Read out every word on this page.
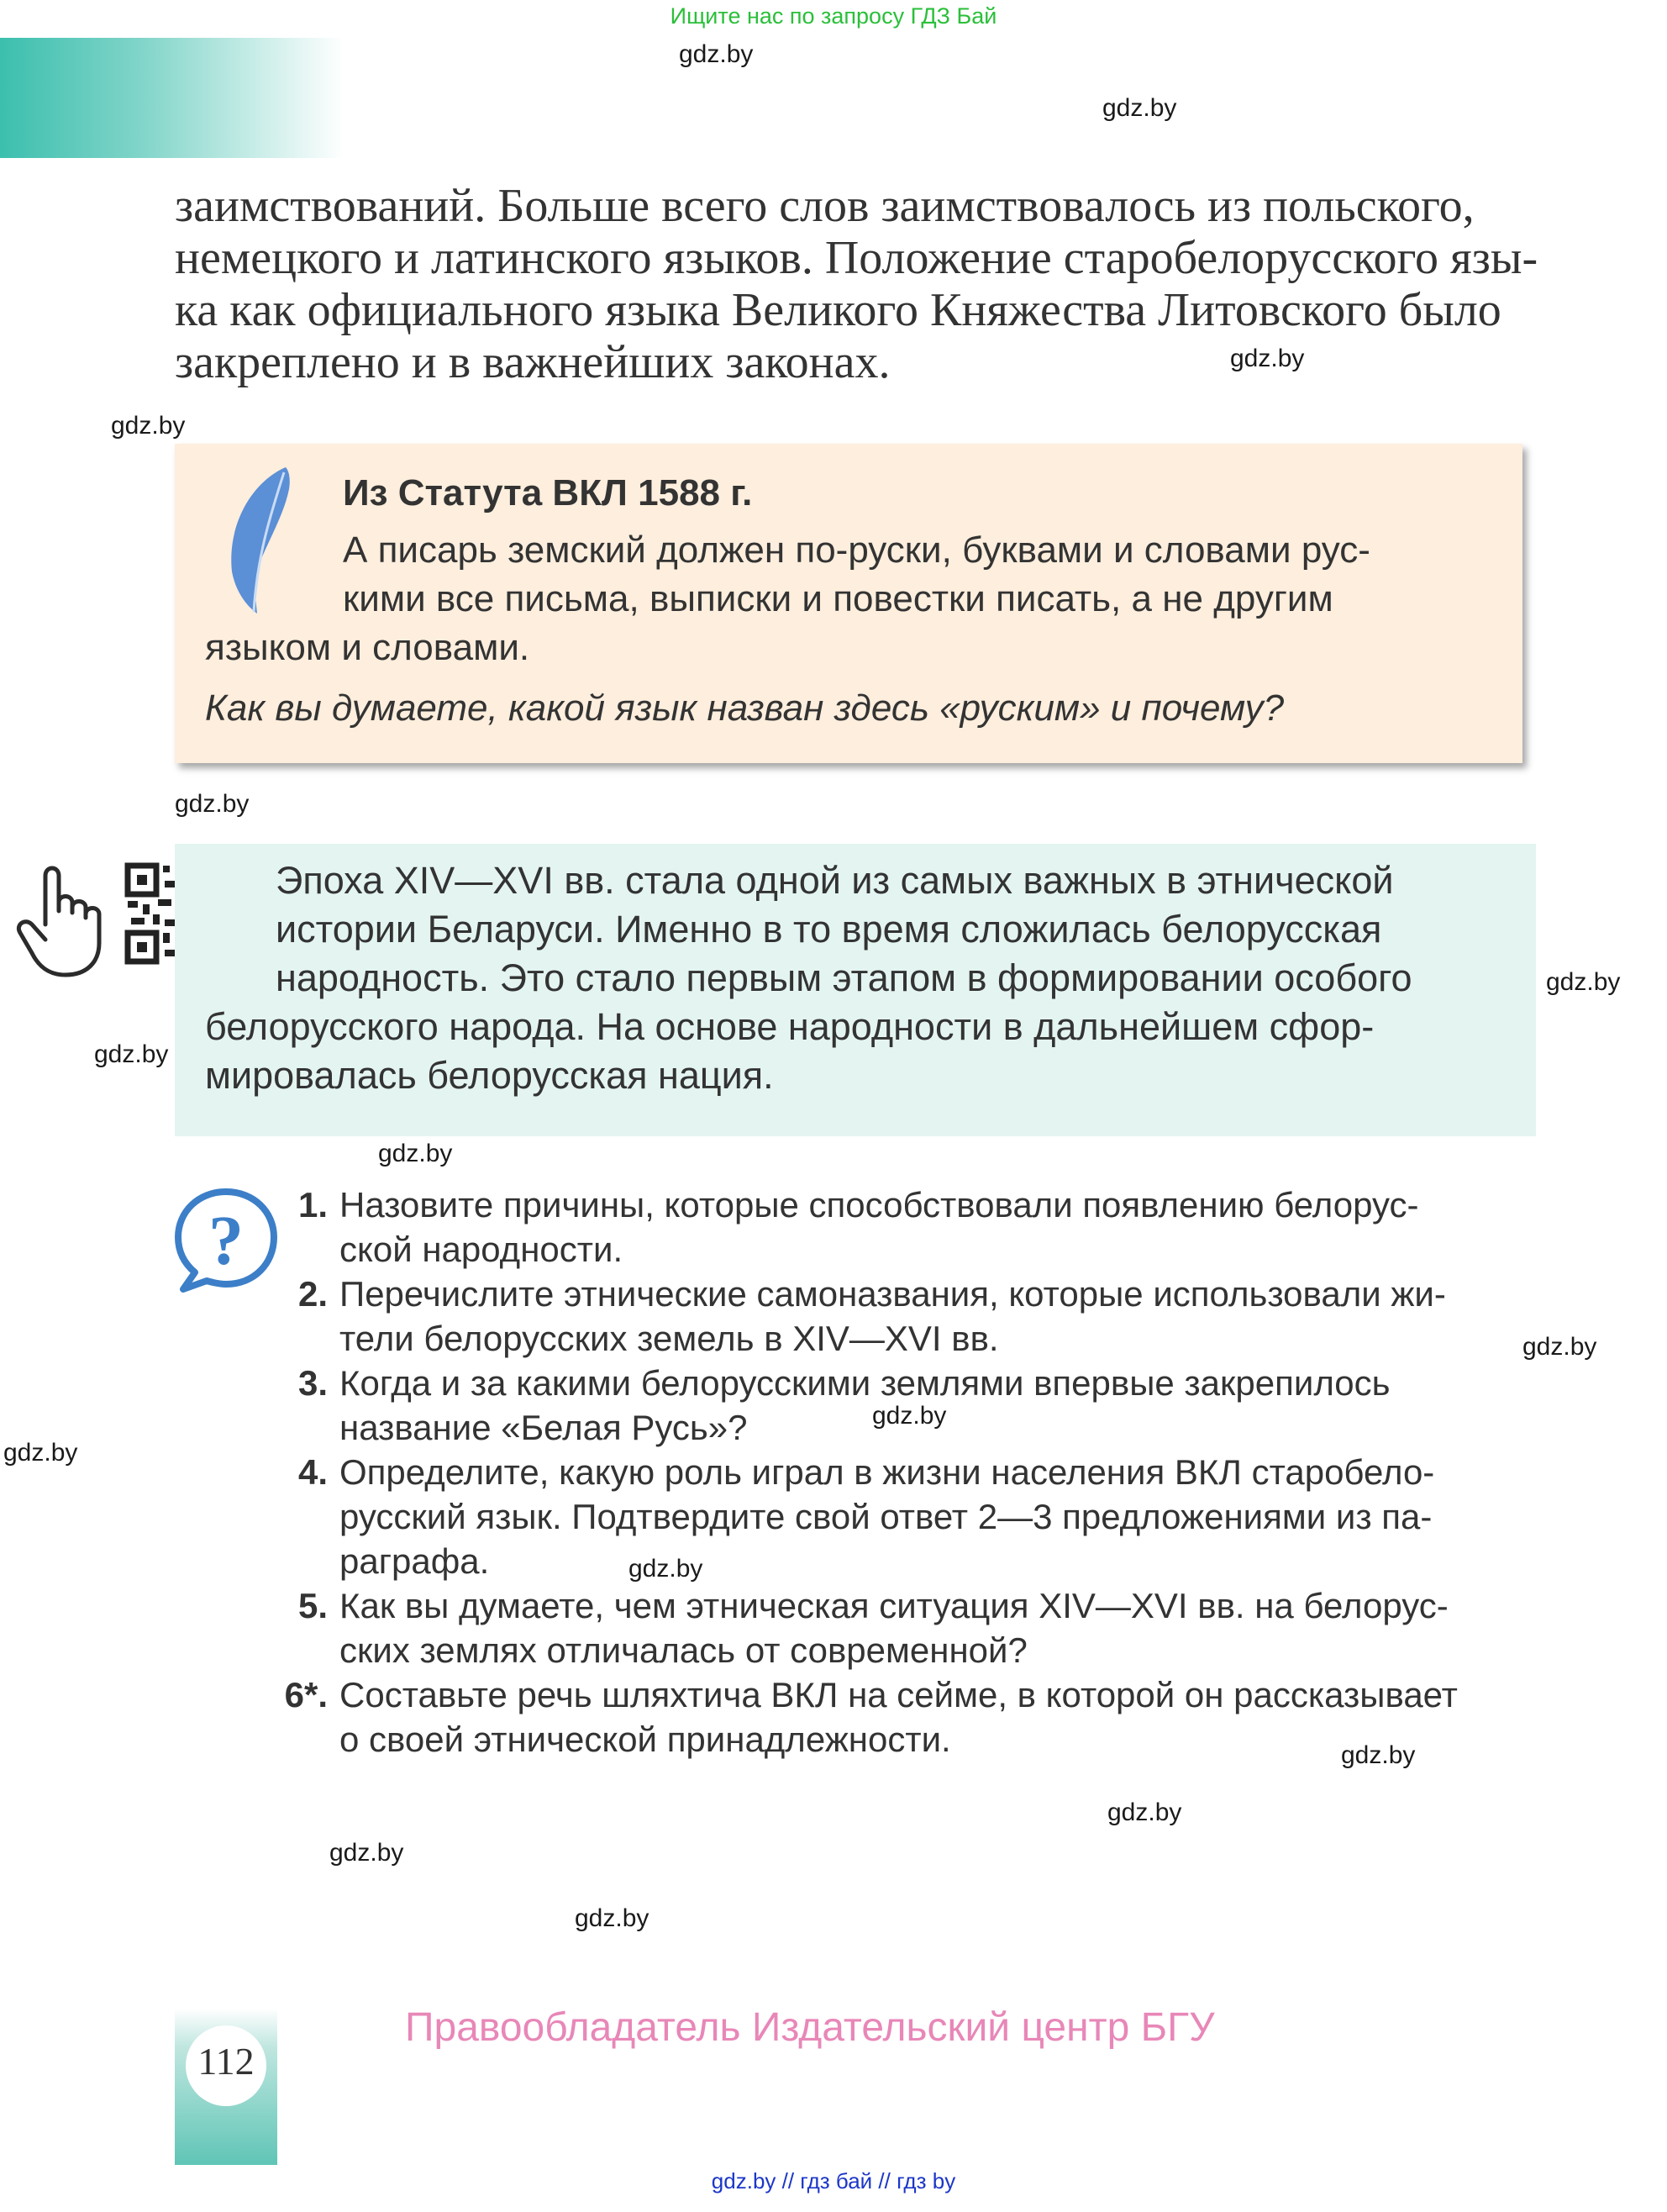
Ищите нас по запросу ГДЗ Бай
gdz.by
gdz.by
gdz.by
gdz.by
gdz.by
gdz.by
gdz.by
gdz.by
gdz.by
gdz.by
gdz.by
gdz.by
gdz.by
gdz.by
gdz.by
gdz.by
заимствований. Больше всего слов заимствовалось из польского,
немецкого и латинского языков. Положение старобелорусского язы-
ка как официального языка Великого Княжества Литовского было
закреплено и в важнейших законах.
Из Статута ВКЛ 1588 г.
А писарь земский должен по-руски, буквами и словами рус-
кими все письма, выписки и повестки писать, а не другим
языком и словами.
Как вы думаете, какой язык назван здесь «руским» и почему?
Эпоха XIV—XVI вв. стала одной из самых важных в этнической
истории Беларуси. Именно в то время сложилась белорусская
народность. Это стало первым этапом в формировании особого
белорусского народа. На основе народности в дальнейшем сфор-
мировалась белорусская нация.
?	1. Назовите причины, которые способствовали появлению белорус-
ской народности.
2. Перечислите этнические самоназвания, которые использовали жи-
тели белорусских земель в XIV—XVI вв.
3. Когда и за какими белорусскими землями впервые закрепилось
название «Белая Русь»?
4. Определите, какую роль играл в жизни населения ВКЛ старобело-
русский язык. Подтвердите свой ответ 2—3 предложениями из па-
раграфа.
5. Как вы думаете, чем этническая ситуация XIV—XVI вв. на белорус-
ских землях отличалась от современной?
6*. Составьте речь шляхтича ВКЛ на сейме, в которой он рассказывает
о своей этнической принадлежности.
112
Правообладатель Издательский центр БГУ
gdz.by // гдз бай // гдз by
